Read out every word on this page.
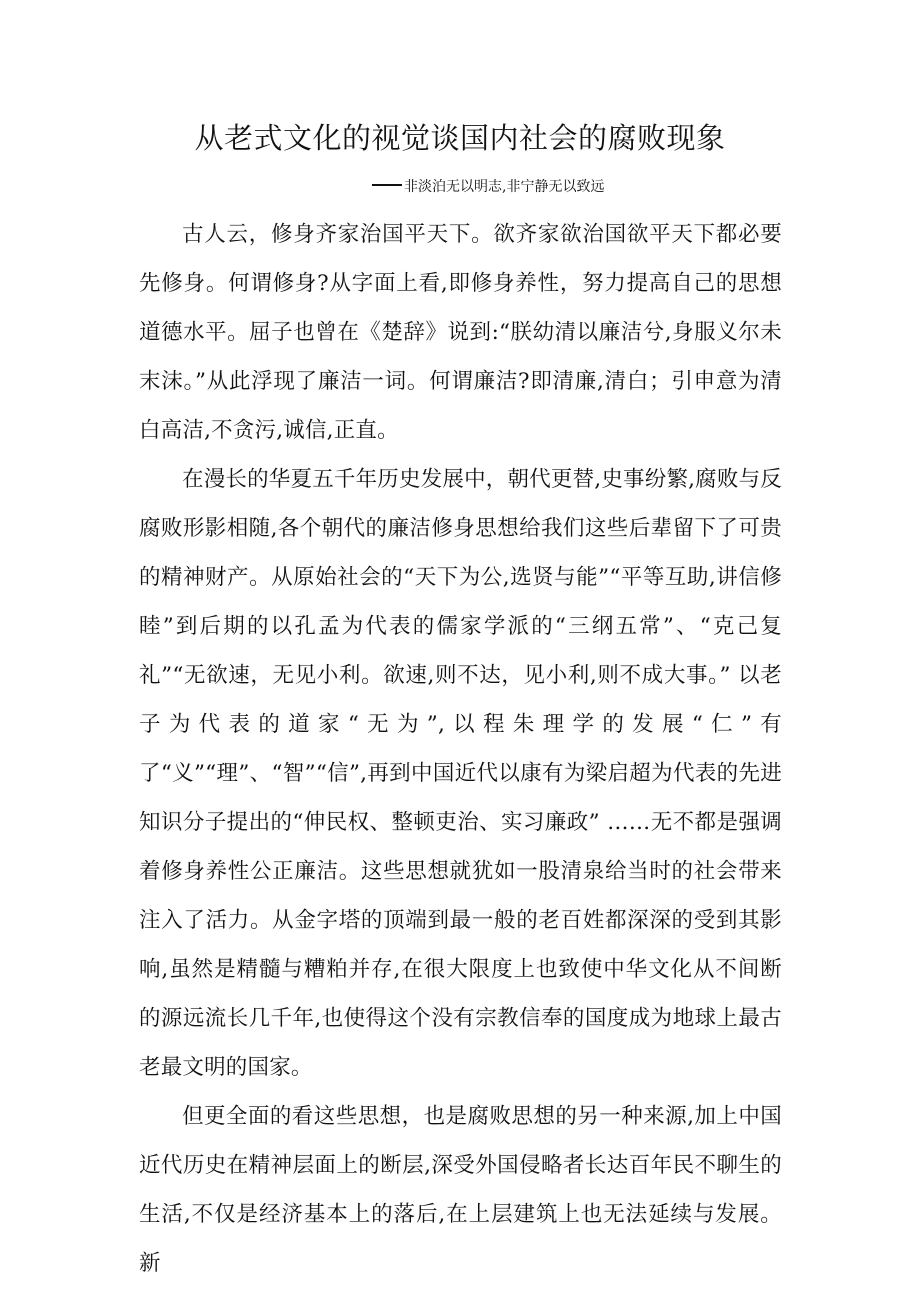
从老式文化的视觉谈国内社会的腐败现象
非淡泊无以明志,非宁静无以致远

古人云，修身齐家治国平天下。欲齐家欲治国欲平天下都必要先修身。何谓修身?从字面上看,即修身养性，努力提高自己的思想道德水平。屈子也曾在《楚辞》说到:“朕幼清以廉洁兮,身服义尔未末沫。”从此浮现了廉洁一词。何谓廉洁?即清廉,清白；引申意为清白高洁,不贪污,诚信,正直。

在漫长的华夏五千年历史发展中，朝代更替,史事纷繁,腐败与反腐败形影相随,各个朝代的廉洁修身思想给我们这些后辈留下了可贵的精神财产。从原始社会的“天下为公,选贤与能”“平等互助,讲信修睦”到后期的以孔孟为代表的儒家学派的“三纲五常”、“克己复礼”“无欲速，无见小利。欲速,则不达，见小利,则不成大事。” 以老子为代表的道家“无为”,以程朱理学的发展“仁”有了“义”“理”、“智”“信”,再到中国近代以康有为梁启超为代表的先进知识分子提出的“伸民权、整顿吏治、实习廉政” ……无不都是强调着修身养性公正廉洁。这些思想就犹如一股清泉给当时的社会带来注入了活力。从金字塔的顶端到最一般的老百姓都深深的受到其影响,虽然是精髓与糟粕并存,在很大限度上也致使中华文化从不间断的源远流长几千年,也使得这个没有宗教信奉的国度成为地球上最古老最文明的国家。

但更全面的看这些思想，也是腐败思想的另一种来源,加上中国近代历史在精神层面上的断层,深受外国侵略者长达百年民不聊生的生活,不仅是经济基本上的落后,在上层建筑上也无法延续与发展。新
